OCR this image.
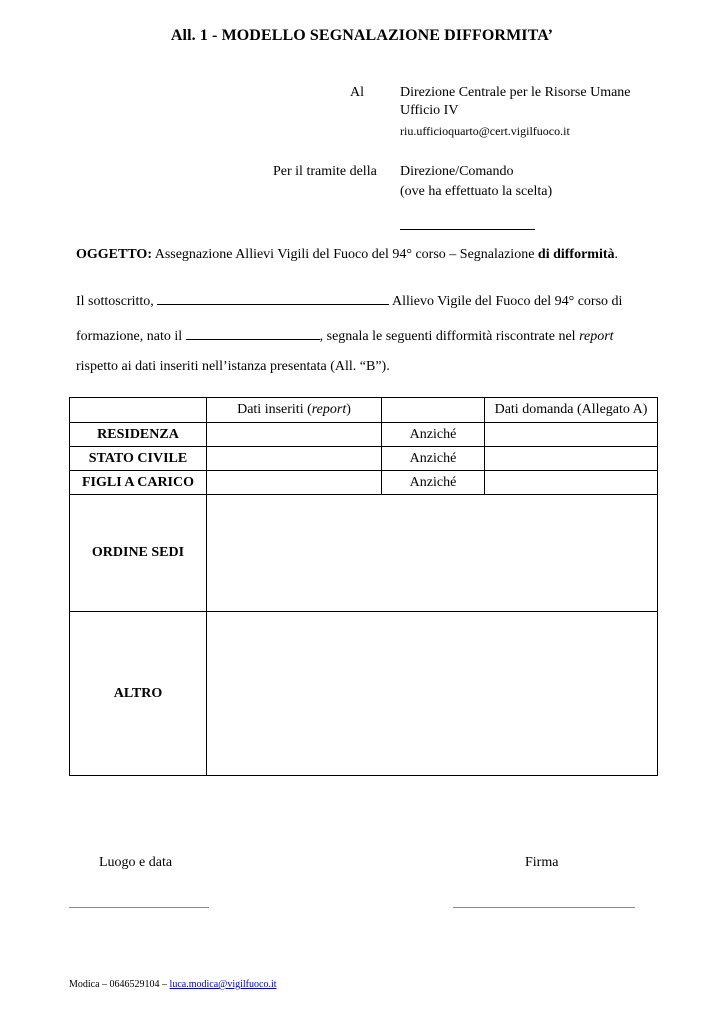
All. 1 - MODELLO SEGNALAZIONE DIFFORMITA’
Al	Direzione Centrale per le Risorse Umane
Ufficio IV
riu.ufficioquarto@cert.vigilfuoco.it
Per il tramite della Direzione/Comando
(ove ha effettuato la scelta)
OGGETTO: Assegnazione Allievi Vigili del Fuoco del 94° corso – Segnalazione di difformità.
Il sottoscritto,	Allievo Vigile del Fuoco del 94° corso di
formazione, nato il	, segnala le seguenti difformità riscontrate nel report
rispetto ai dati inseriti nell’istanza presentata (All. “B”).
	Dati inseriti (report)		Dati domanda (Allegato A)
RESIDENZA		Anziché	
STATO CIVILE		Anziché	
FIGLI A CARICO		Anziché	
ORDINE SEDI			
ALTRO			
Luogo e data	Firma
Modica – 0646529104 – luca.modica@vigilfuoco.it
